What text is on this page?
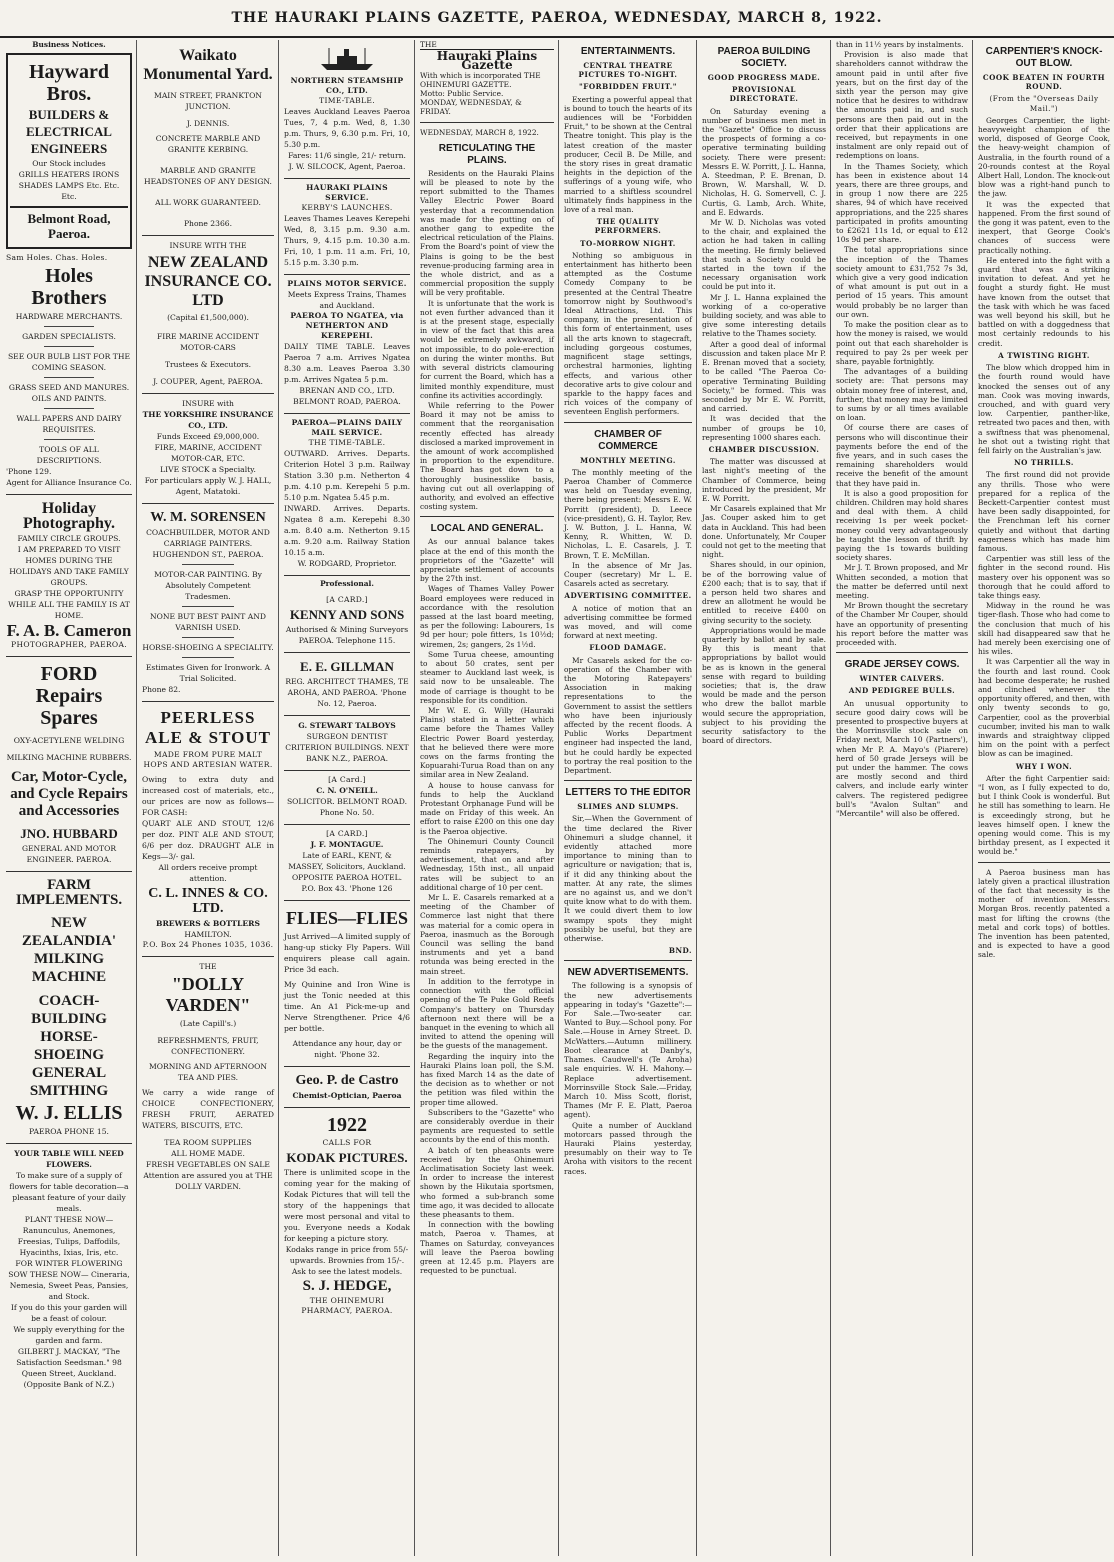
THE HAURAKI PLAINS GAZETTE, PAEROA, WEDNESDAY, MARCH 8, 1922.
Business Notices.
Hayward Bros.
BUILDERS &
ELECTRICAL
ENGINEERS
Our Stock includes
GRILLS HEATERS IRONS SHADES LAMPS Etc. Etc. Etc.
Belmont Road, Paeroa.
Sam Holes. Chas. Holes.
Holes Brothers
HARDWARE MERCHANTS.
GARDEN SPECIALISTS.
SEE OUR BULB LIST FOR THE COMING SEASON.
GRASS SEED AND MANURES. OILS AND PAINTS.
WALL PAPERS AND DAIRY REQUISITES.
TOOLS OF ALL DESCRIPTIONS.
'Phone 129.
Agent for Alliance Insurance Co.
Holiday Photography.
FAMILY CIRCLE GROUPS.
I AM PREPARED TO VISIT HOMES DURING THE HOLIDAYS AND TAKE FAMILY GROUPS.
GRASP THE OPPORTUNITY WHILE ALL THE FAMILY IS AT HOME.
F. A. B. Cameron
PHOTOGRAPHER, PAEROA.
FORD Repairs Spares
OXY-ACETYLENE WELDING
MILKING MACHINE RUBBERS.
Car, Motor-Cycle, and Cycle Repairs and Accessories
JNO. HUBBARD
GENERAL AND MOTOR ENGINEER. PAEROA.
FARM IMPLEMENTS.
NEW ZEALANDIA' MILKING MACHINE
COACH-BUILDING HORSE-SHOEING GENERAL SMITHING
W. J. ELLIS
PAEROA PHONE 15.
YOUR TABLE WILL NEED FLOWERS.
To make sure of a supply of flowers for table decoration—a pleasant feature of your daily meals.
PLANT THESE NOW—
Ranunculus, Anemones, Freesias, Tulips, Daffodils, Hyacinths, Ixias, Iris, etc.
FOR WINTER FLOWERING SOW THESE NOW— Cineraria, Nemesia, Sweet Peas, Pansies, and Stock.
If you do this your garden will be a feast of colour.
We supply everything for the garden and farm.
GILBERT J. MACKAY, "The Satisfaction Seedsman." 98 Queen Street, Auckland. (Opposite Bank of N.Z.)
Waikato Monumental Yard.
MAIN STREET, FRANKTON JUNCTION.
J. DENNIS.
CONCRETE MARBLE AND GRANITE KERBING.
MARBLE AND GRANITE HEADSTONES OF ANY DESIGN.
ALL WORK GUARANTEED.
Phone 2366.
INSURE WITH THE
NEW ZEALAND INSURANCE CO. LTD
(Capital £1,500,000).
FIRE MARINE ACCIDENT MOTOR-CARS
Trustees & Executors.
J. COUPER, Agent, PAEROA.
INSURE with
THE YORKSHIRE INSURANCE CO., LTD.
Funds Exceed £9,000,000.
FIRE, MARINE, ACCIDENT MOTOR-CAR, ETC.
LIVE STOCK a Specialty.
For particulars apply W. J. HALL, Agent, Matatoki.
W. M. SORENSEN
COACHBUILDER, MOTOR AND CARRIAGE PAINTERS. HUGHENDON ST., PAEROA.
MOTOR-CAR PAINTING. By Absolutely Competent Tradesmen.
NONE BUT BEST PAINT AND VARNISH USED.
HORSE-SHOEING A SPECIALITY.
Estimates Given for Ironwork. A Trial Solicited.
Phone 82.
PEERLESS ALE & STOUT
MADE FROM PURE MALT HOPS AND ARTESIAN WATER.
Owing to extra duty and increased cost of materials, etc., our prices are now as follows—FOR CASH:
QUART ALE AND STOUT, 12/6 per doz. PINT ALE AND STOUT, 6/6 per doz. DRAUGHT ALE in Kegs—3/- gal.
All orders receive prompt attention.
C. L. INNES & CO. LTD.
BREWERS & BOTTLERS
HAMILTON.
P.O. Box 24 Phones 1035, 1036.
THE
"DOLLY VARDEN"
(Late Capill's.)
REFRESHMENTS, FRUIT, CONFECTIONERY.
MORNING AND AFTERNOON TEA AND PIES.
We carry a wide range of CHOICE CONFECTIONERY, FRESH FRUIT, AERATED WATERS, BISCUITS, ETC.
TEA ROOM SUPPLIES
ALL HOME MADE.
FRESH VEGETABLES ON SALE
Attention are assured you at THE DOLLY VARDEN.
NORTHERN STEAMSHIP CO., LTD.
TIME-TABLE.
Leaves Auckland Leaves Paeroa Tues, 7, 4 p.m. Wed, 8, 1.30 p.m. Thurs, 9, 6.30 p.m. Fri, 10, 5.30 p.m.
Fares: 11/6 single, 21/- return.
J. W. SILCOCK, Agent, Paeroa.
HAURAKI PLAINS SERVICE.
KERBY'S LAUNCHES.
Leaves Thames Leaves Kerepehi Wed, 8, 3.15 p.m. 9.30 a.m. Thurs, 9, 4.15 p.m. 10.30 a.m. Fri, 10, 1 p.m. 11 a.m. Fri, 10, 5.15 p.m. 3.30 p.m.
PLAINS MOTOR SERVICE.
Meets Express Trains, Thames and Auckland.
PAEROA TO NGATEA, via NETHERTON AND KEREPEHI.
DAILY TIME TABLE. Leaves Paeroa 7 a.m. Arrives Ngatea 8.30 a.m. Leaves Paeroa 3.30 p.m. Arrives Ngatea 5 p.m.
BRENAN AND CO., LTD. BELMONT ROAD, PAEROA.
PAEROA—PLAINS DAILY MAIL SERVICE.
THE TIME-TABLE.
OUTWARD. Arrives. Departs. Criterion Hotel 3 p.m. Railway Station 3.30 p.m. Netherton 4 p.m. 4.10 p.m. Kerepehi 5 p.m. 5.10 p.m. Ngatea 5.45 p.m.
INWARD. Arrives. Departs. Ngatea 8 a.m. Kerepehi 8.30 a.m. 8.40 a.m. Netherton 9.15 a.m. 9.20 a.m. Railway Station 10.15 a.m.
W. RODGARD, Proprietor.
Professional.
[A CARD.]
KENNY AND SONS
Authorised & Mining Surveyors PAEROA. Telephone 115.
E. E. GILLMAN
REG. ARCHITECT THAMES, TE AROHA, AND PAEROA. 'Phone No. 12, Paeroa.
G. STEWART TALBOYS
SURGEON DENTIST
CRITERION BUILDINGS. NEXT BANK N.Z., PAEROA.
[A Card.]
C. N. O'NEILL.
SOLICITOR. BELMONT ROAD. Phone No. 50.
[A CARD.]
J. F. MONTAGUE.
Late of EARL, KENT, & MASSEY, Solicitors, Auckland. OPPOSITE PAEROA HOTEL. P.O. Box 43. 'Phone 126
FLIES—FLIES
Just Arrived—A limited supply of hang-up sticky Fly Papers. Will enquirers please call again. Price 3d each.
My Quinine and Iron Wine is just the Tonic needed at this time. An A1 Pick-me-up and Nerve Strengthener. Price 4/6 per bottle.
Attendance any hour, day or night. 'Phone 32.
Geo. P. de Castro
Chemist-Optician, Paeroa
1922
CALLS FOR
KODAK PICTURES.
There is unlimited scope in the coming year for the making of Kodak Pictures that will tell the story of the happenings that were most personal and vital to you. Everyone needs a Kodak for keeping a picture story.
Kodaks range in price from 55/- upwards. Brownies from 15/-. Ask to see the latest models.
S. J. HEDGE,
THE OHINEMURI PHARMACY, PAEROA.
THE
Hauraki Plains Gazette
With which is incorporated THE OHINEMURI GAZETTE.
Motto: Public Service.
MONDAY, WEDNESDAY, & FRIDAY.
WEDNESDAY, MARCH 8, 1922.
RETICULATING THE PLAINS.

Residents on the Hauraki Plains will be pleased to note by the report submitted to the Thames Valley Electric Power Board yesterday that a recommendation was made for the putting on of another gang to expedite the electrical reticulation of the Plains. From the Board's point of view the Plains is going to be the best revenue-producing farming area in the whole district, and as a commercial proposition the supply will be very profitable.

It is unfortunate that the work is not even further advanced than it is at the present stage, especially in view of the fact that this area would be extremely awkward, if not impossible, to do pole-erection on during the winter months. But with several districts clamouring for current the Board, which has a limited monthly expenditure, must confine its activities accordingly.

While referring to the Power Board it may not be amiss to comment that the reorganisation recently effected has already disclosed a marked improvement in the amount of work accomplished in proportion to the expenditure. The Board has got down to a thoroughly businesslike basis, having cut out all overlapping of authority, and evolved an effective costing system.

LOCAL AND GENERAL.

As our annual balance takes place at the end of this month the proprietors of the "Gazette" will appreciate settlement of accounts by the 27th inst.

Wages of Thames Valley Power Board employees were reduced in accordance with the resolution passed at the last board meeting, as per the following: Labourers, 1s 9d per hour; pole fitters, 1s 10½d; wiremen, 2s; gangers, 2s 1½d.

Some Turua cheese, amounting to about 50 crates, sent per steamer to Auckland last week, is said now to be unsaleable. The mode of carriage is thought to be responsible for its condition.

Mr W. E. G. Willy (Hauraki Plains) stated in a letter which came before the Thames Valley Electric Power Board yesterday, that he believed there were more cows on the farms fronting the Kopuarahi-Turua Road than on any similar area in New Zealand.

A house to house canvass for funds to help the Auckland Protestant Orphanage Fund will be made on Friday of this week. An effort to raise £200 on this one day is the Paeroa objective.

The Ohinemuri County Council reminds ratepayers, by advertisement, that on and after Wednesday, 15th inst., all unpaid rates will be subject to an additional charge of 10 per cent.

Mr L. E. Casarels remarked at a meeting of the Chamber of Commerce last night that there was material for a comic opera in Paeroa, inasmuch as the Borough Council was selling the band instruments and yet a band rotunda was being erected in the main street.

In addition to the ferrotype in connection with the official opening of the Te Puke Gold Reefs Company's battery on Thursday afternoon next there will be a banquet in the evening to which all invited to attend the opening will be the guests of the management.

Regarding the inquiry into the Hauraki Plains loan poll, the S.M. has fixed March 14 as the date of the decision as to whether or not the petition was filed within the proper time allowed.

Subscribers to the "Gazette" who are considerably overdue in their payments are requested to settle accounts by the end of this month.

A batch of ten pheasants were received by the Ohinemuri Acclimatisation Society last week. In order to increase the interest shown by the Hikutaia sportsmen, who formed a sub-branch some time ago, it was decided to allocate these pheasants to them.

In connection with the bowling match, Paeroa v. Thames, at Thames on Saturday, conveyances will leave the Paeroa bowling green at 12.45 p.m. Players are requested to be punctual.

ENTERTAINMENTS.
CENTRAL THEATRE PICTURES TO-NIGHT.
"FORBIDDEN FRUIT."

Exerting a powerful appeal that is bound to touch the hearts of its audiences will be "Forbidden Fruit," to be shown at the Central Theatre tonight. This play is the latest creation of the master producer, Cecil B. De Mille, and the story rises in great dramatic heights in the depiction of the sufferings of a young wife, who married to a shiftless scoundrel ultimately finds happiness in the love of a real man.

THE QUALITY PERFORMERS.
TO-MORROW NIGHT.

Nothing so ambiguous in entertainment has hitherto been attempted as the Costume Comedy Company to be presented at the Central Theatre tomorrow night by Southwood's Ideal Attractions, Ltd. This company, in the presentation of this form of entertainment, uses all the arts known to stagecraft, including gorgeous costumes, magnificent stage settings, orchestral harmonies, lighting effects, and various other decorative arts to give colour and sparkle to the happy faces and rich voices of the company of seventeen English performers.

CHAMBER OF COMMERCE
MONTHLY MEETING.

The monthly meeting of the Paeroa Chamber of Commerce was held on Tuesday evening, there being present: Messrs E. W. Porritt (president), D. Leece (vice-president), G. H. Taylor, Rev. J. W. Button, J. L. Hanna, W. Kenny, R. Whitten, W. D. Nicholas, L. E. Casarels, J. T. Brown, T. E. McMillan.

In the absence of Mr Jas. Couper (secretary) Mr L. E. Casarels acted as secretary.

ADVERTISING COMMITTEE.

A notice of motion that an advertising committee be formed was moved, and will come forward at next meeting.

FLOOD DAMAGE.

Mr Casarels asked for the co-operation of the Chamber with the Motoring Ratepayers' Association in making representations to the Government to assist the settlers who have been injuriously affected by the recent floods. A Public Works Department engineer had inspected the land, but he could hardly be expected to portray the real position to the Department.

LETTERS TO THE EDITOR
SLIMES AND SLUMPS.

Sir,—When the Government of the time declared the River Ohinemuri a sludge channel, it evidently attached more importance to mining than to agriculture or navigation; that is, if it did any thinking about the matter. At any rate, the slimes are no against us, and we don't quite know what to do with them. It we could divert them to low swampy spots they might possibly be useful, but they are otherwise.

BND.
NEW ADVERTISEMENTS.

The following is a synopsis of the new advertisements appearing in today's "Gazette":— For Sale.—Two-seater car. Wanted to Buy.—School pony. For Sale.—House in Arney Street. D. McWatters.—Autumn millinery. Boot clearance at Danby's, Thames. Caudwell's (Te Aroha) sale enquiries. W. H. Mahony.—Replace advertisement. Morrinsville Stock Sale.—Friday, March 10. Miss Scott, florist, Thames (Mr F. E. Platt, Paeroa agent).

Quite a number of Auckland motorcars passed through the Hauraki Plains yesterday, presumably on their way to Te Aroha with visitors to the recent races.

PAEROA BUILDING SOCIETY.
GOOD PROGRESS MADE.
PROVISIONAL DIRECTORATE.

On Saturday evening a number of business men met in the "Gazette" Office to discuss the prospects of forming a co-operative terminating building society. There were present: Messrs E. W. Porritt, J. L. Hanna, A. Steedman, P. E. Brenan, D. Brown, W. Marshall, W. D. Nicholas, H. G. Somervell, C. J. Curtis, G. Lamb, Arch. White, and E. Edwards.

Mr W. D. Nicholas was voted to the chair, and explained the action he had taken in calling the meeting. He firmly believed that such a Society could be started in the town if the necessary organisation work could be put into it.

Mr J. L. Hanna explained the working of a co-operative building society, and was able to give some interesting details relative to the Thames society.

After a good deal of informal discussion and taken place Mr P. E. Brenan moved that a society, to be called "The Paeroa Co-operative Terminating Building Society," be formed. This was seconded by Mr E. W. Porritt, and carried.

It was decided that the number of groups be 10, representing 1000 shares each.

CHAMBER DISCUSSION.

The matter was discussed at last night's meeting of the Chamber of Commerce, being introduced by the president, Mr E. W. Porritt.

Mr Casarels explained that Mr Jas. Couper asked him to get data in Auckland. This had been done. Unfortunately, Mr Couper could not get to the meeting that night.

Shares should, in our opinion, be of the borrowing value of £200 each; that is to say, that if a person held two shares and drew an allotment he would be entitled to receive £400 on giving security to the society.

Appropriations would be made quarterly by ballot and by sale. By this is meant that appropriations by ballot would be as is known in the general sense with regard to building societies; that is, the draw would be made and the person who drew the ballot marble would secure the appropriation, subject to his providing the security satisfactory to the board of directors.

than in 11½ years by instalments.

Provision is also made that shareholders cannot withdraw the amount paid in until after five years, but on the first day of the sixth year the person may give notice that he desires to withdraw the amounts paid in, and such persons are then paid out in the order that their applications are received, but repayments in one instalment are only repaid out of redemptions on loans.

In the Thames Society, which has been in existence about 14 years, there are three groups, and in group 1 now there are 225 shares, 94 of which have received appropriations, and the 225 shares participated in profits amounting to £2621 11s 1d, or equal to £12 10s 9d per share.

The total appropriations since the inception of the Thames society amount to £31,752 7s 3d, which give a very good indication of what amount is put out in a period of 15 years. This amount would probably be no larger than our own.

To make the position clear as to how the money is raised, we would point out that each shareholder is required to pay 2s per week per share, payable fortnightly.

The advantages of a building society are: That persons may obtain money free of interest, and, further, that money may be limited to sums by or all times available on loan.

Of course there are cases of persons who will discontinue their payments before the end of the five years, and in such cases the remaining shareholders would receive the benefit of the amount that they have paid in.

It is also a good proposition for children. Children may hold shares and deal with them. A child receiving 1s per week pocket-money could very advantageously be taught the lesson of thrift by paying the 1s towards building society shares.

Mr J. T. Brown proposed, and Mr Whitten seconded, a motion that the matter be deferred until next meeting.

Mr Brown thought the secretary of the Chamber Mr Couper, should have an opportunity of presenting his report before the matter was proceeded with.

GRADE JERSEY COWS.
WINTER CALVERS.
AND PEDIGREE BULLS.

An unusual opportunity to secure good dairy cows will be presented to prospective buyers at the Morrinsville stock sale on Friday next, March 10 (Partners'), when Mr P. A. Mayo's (Piarere) herd of 50 grade Jerseys will be put under the hammer. The cows are mostly second and third calvers, and include early winter calvers. The registered pedigree bull's "Avalon Sultan" and "Mercantile" will also be offered.

CARPENTIER'S KNOCK-OUT BLOW.
COOK BEATEN IN FOURTH ROUND.
(From the "Overseas Daily Mail.")

Georges Carpentier, the light-heavyweight champion of the world, disposed of George Cook, the heavy-weight champion of Australia, in the fourth round of a 20-rounds contest at the Royal Albert Hall, London. The knock-out blow was a right-hand punch to the jaw.

It was the expected that happened. From the first sound of the gong it was patent, even to the inexpert, that George Cook's chances of success were practically nothing.

He entered into the fight with a guard that was a striking invitation to defeat. And yet he fought a sturdy fight. He must have known from the outset that the task with which he was faced was well beyond his skill, but he battled on with a doggedness that most certainly redounds to his credit.

A TWISTING RIGHT.

The blow which dropped him in the fourth round would have knocked the senses out of any man. Cook was moving inwards, crouched, and with guard very low. Carpentier, panther-like, retreated two paces and then, with a swiftness that was phenomenal, he shot out a twisting right that fell fairly on the Australian's jaw.

NO THRILLS.

The first round did not provide any thrills. Those who were prepared for a replica of the Beckett-Carpentier contest must have been sadly disappointed, for the Frenchman left his corner quietly and without that darting eagerness which has made him famous.

Carpentier was still less of the fighter in the second round. His mastery over his opponent was so thorough that he could afford to take things easy.

Midway in the round he was tiger-flash. Those who had come to the conclusion that much of his skill had disappeared saw that he had merely been exercising one of his wiles.

It was Carpentier all the way in the fourth and last round. Cook had become desperate; he rushed and clinched whenever the opportunity offered, and then, with only twenty seconds to go, Carpentier, cool as the proverbial cucumber, invited his man to walk inwards and straightway clipped him on the point with a perfect blow as can be imagined.

WHY I WON.

After the fight Carpentier said: "I won, as I fully expected to do, but I think Cook is wonderful. But he still has something to learn. He is exceedingly strong, but he leaves himself open. I knew the opening would come. This is my birthday present, as I expected it would be."

A Paeroa business man has lately given a practical illustration of the fact that necessity is the mother of invention. Messrs. Morgan Bros. recently patented a mast for lifting the crowns (the metal and cork tops) of bottles. The invention has been patented, and is expected to have a good sale.
